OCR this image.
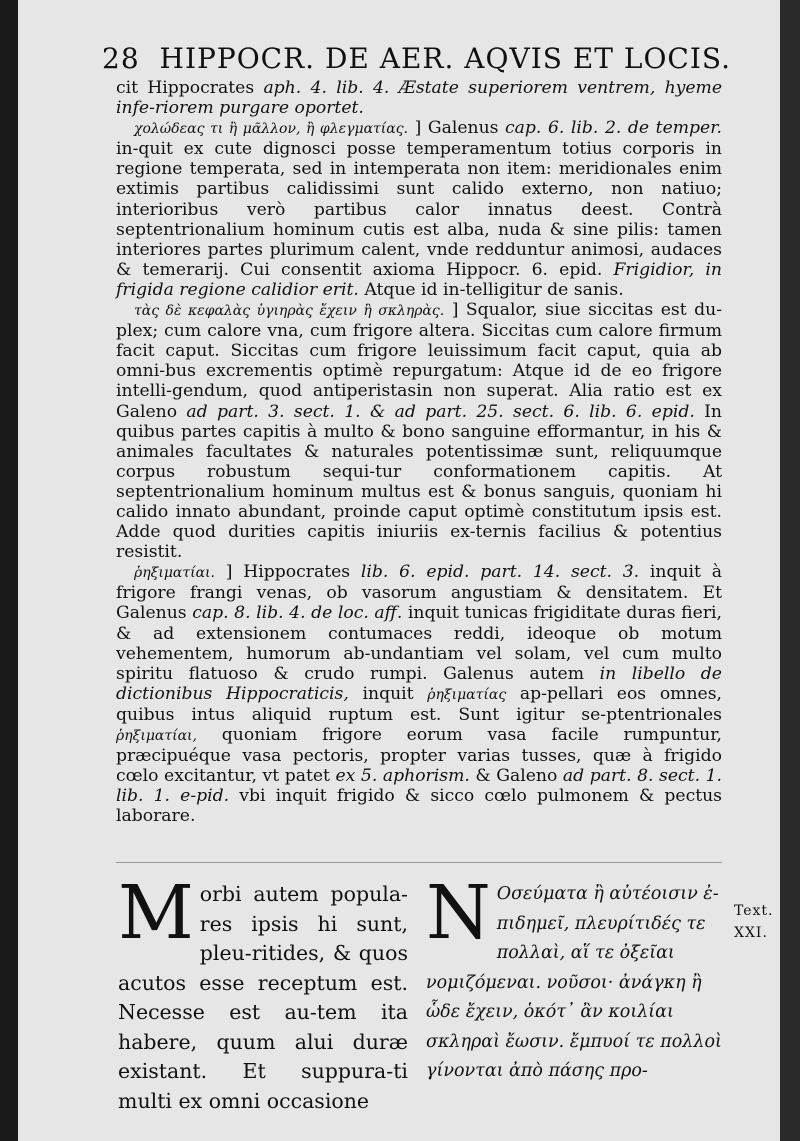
28 HIPPOCR. DE AER. AQVIS ET LOCIS.

cit Hippocrates aph. 4. lib. 4. Æstate superiorem ventrem, hyeme infe-riorem purgare oportet.

χολώδεας τι ἢ μᾶλλον, ἢ φλεγματίας. ] Galenus cap. 6. lib. 2. de temper. in-quit ex cute dignosci posse temperamentum totius corporis in regione temperata, sed in intemperata non item: meridionales enim extimis partibus calidissimi sunt calido externo, non natiuo; interioribus verò partibus calor innatus deest. Contrà septentrionalium hominum cutis est alba, nuda & sine pilis: tamen interiores partes plurimum calent, vnde redduntur animosi, audaces & temerarij. Cui consentit axioma Hippocr. 6. epid. Frigidior, in frigida regione calidior erit. Atque id in-telligitur de sanis.

τὰς δὲ κεφαλὰς ὑγιηρὰς ἔχειν ἢ σκληρὰς. ] Squalor, siue siccitas est du-plex; cum calore vna, cum frigore altera. Siccitas cum calore firmum facit caput. Siccitas cum frigore leuissimum facit caput, quia ab omni-bus excrementis optimè repurgatum: Atque id de eo frigore intelli-gendum, quod antiperistasin non superat. Alia ratio est ex Galeno ad part. 3. sect. 1. & ad part. 25. sect. 6. lib. 6. epid. In quibus partes capitis à multo & bono sanguine efformantur, in his & animales facultates & naturales potentissimæ sunt, reliquumque corpus robustum sequi-tur conformationem capitis. At septentrionalium hominum multus est & bonus sanguis, quoniam hi calido innato abundant, proinde caput optimè constitutum ipsis est. Adde quod durities capitis iniuriis ex-ternis facilius & potentius resistit.

ῥηξιματίαι. ] Hippocrates lib. 6. epid. part. 14. sect. 3. inquit à frigore frangi venas, ob vasorum angustiam & densitatem. Et Galenus cap. 8. lib. 4. de loc. aff. inquit tunicas frigiditate duras fieri, & ad extensionem contumaces reddi, ideoque ob motum vehementem, humorum ab-undantiam vel solam, vel cum multo spiritu flatuoso & crudo rumpi. Galenus autem in libello de dictionibus Hippocraticis, inquit ῥηξιματίας ap-pellari eos omnes, quibus intus aliquid ruptum est. Sunt igitur se-ptentrionales ῥηξιματίαι, quoniam frigore eorum vasa facile rumpuntur, præcipuéque vasa pectoris, propter varias tusses, quæ à frigido cœlo excitantur, vt patet ex 5. aphorism. & Galeno ad part. 8. sect. 1. lib. 1. e-pid. vbi inquit frigido & sicco cœlo pulmonem & pectus laborare.

Morbi autem popula-res ipsis hi sunt, pleu-ritides, & quos acutos esse receptum est. Necesse est au-tem ita habere, quum alui duræ existant. Et suppura-ti multi ex omni occasione
N Οσεύματα ἢ αὐτέοισιν ἐ-πιδημεῖ, πλευρίτιδές τε πολλαὶ, αἵ τε ὀξεῖαι νομιζόμεναι. νοῦσοι· ἀνάγκη ἢ ὧδε ἔχειν, ὁκότ᾽ ἂν κοιλίαι σκληραὶ ἔωσιν. ἔμπυοί τε πολλοὶ γίνονται ἀπὸ πάσης προ-
Text.
XXI.
